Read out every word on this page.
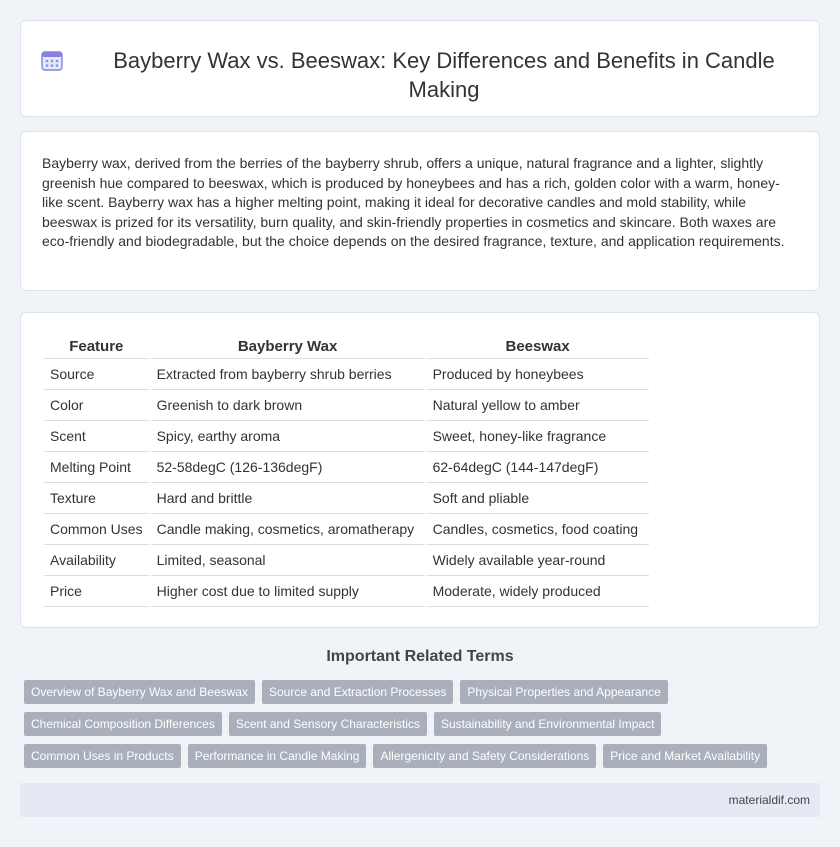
Bayberry Wax vs. Beeswax: Key Differences and Benefits in Candle Making

Bayberry wax, derived from the berries of the bayberry shrub, offers a unique, natural fragrance and a lighter, slightly greenish hue compared to beeswax, which is produced by honeybees and has a rich, golden color with a warm, honey-like scent. Bayberry wax has a higher melting point, making it ideal for decorative candles and mold stability, while beeswax is prized for its versatility, burn quality, and skin-friendly properties in cosmetics and skincare. Both waxes are eco-friendly and biodegradable, but the choice depends on the desired fragrance, texture, and application requirements.

Feature	Bayberry Wax	Beeswax
Source	Extracted from bayberry shrub berries	Produced by honeybees
Color	Greenish to dark brown	Natural yellow to amber
Scent	Spicy, earthy aroma	Sweet, honey-like fragrance
Melting Point	52-58degC (126-136degF)	62-64degC (144-147degF)
Texture	Hard and brittle	Soft and pliable
Common Uses	Candle making, cosmetics, aromatherapy	Candles, cosmetics, food coating
Availability	Limited, seasonal	Widely available year-round
Price	Higher cost due to limited supply	Moderate, widely produced
Important Related Terms
Overview of Bayberry Wax and Beeswax	Source and Extraction Processes	Physical Properties and Appearance
Chemical Composition Differences	Scent and Sensory Characteristics	Sustainability and Environmental Impact
Common Uses in Products	Performance in Candle Making	Allergenicity and Safety Considerations	Price and Market Availability
materialdif.com
